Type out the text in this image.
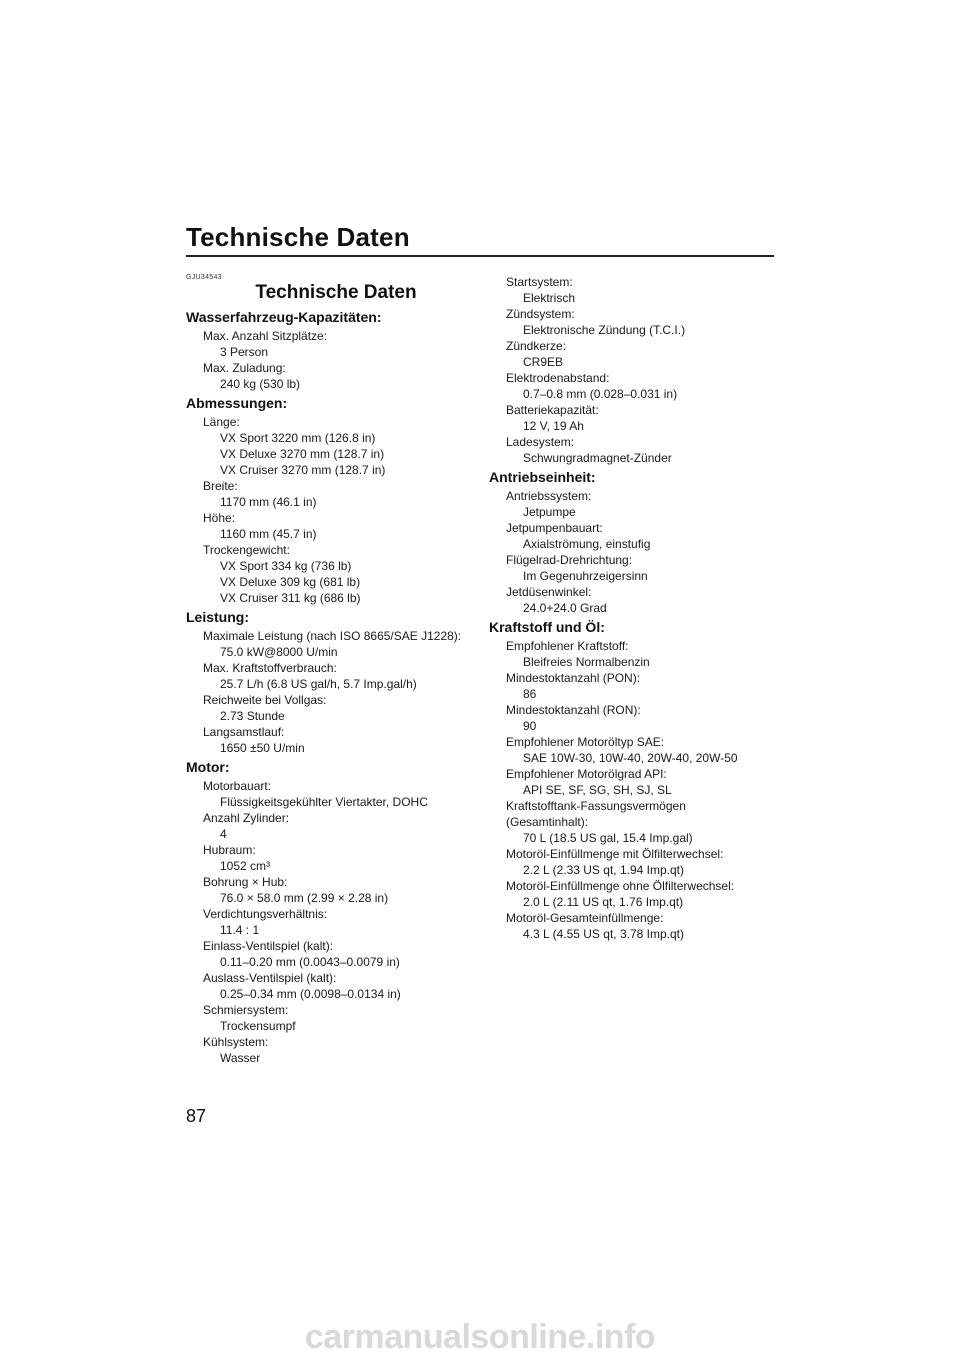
Technische Daten

GJU34543

Technische Daten
Wasserfahrzeug-Kapazitäten:
Max. Anzahl Sitzplätze:
3 Person
Max. Zuladung:
240 kg (530 lb)
Abmessungen:
Länge:
VX Sport 3220 mm (126.8 in)
VX Deluxe 3270 mm (128.7 in)
VX Cruiser 3270 mm (128.7 in)
Breite:
1170 mm (46.1 in)
Höhe:
1160 mm (45.7 in)
Trockengewicht:
VX Sport 334 kg (736 lb)
VX Deluxe 309 kg (681 lb)
VX Cruiser 311 kg (686 lb)
Leistung:
Maximale Leistung (nach ISO 8665/SAE J1228):
75.0 kW@8000 U/min
Max. Kraftstoffverbrauch:
25.7 L/h (6.8 US gal/h, 5.7 Imp.gal/h)
Reichweite bei Vollgas:
2.73 Stunde
Langsamstlauf:
1650 ±50 U/min
Motor:
Motorbauart:
Flüssigkeitsgekühlter Viertakter, DOHC
Anzahl Zylinder:
4
Hubraum:
1052 cm³
Bohrung × Hub:
76.0 × 58.0 mm (2.99 × 2.28 in)
Verdichtungsverhältnis:
11.4 : 1
Einlass-Ventilspiel (kalt):
0.11–0.20 mm (0.0043–0.0079 in)
Auslass-Ventilspiel (kalt):
0.25–0.34 mm (0.0098–0.0134 in)
Schmiersystem:
Trockensumpf
Kühlsystem:
Wasser
Startsystem:
Elektrisch
Zündsystem:
Elektronische Zündung (T.C.I.)
Zündkerze:
CR9EB
Elektrodenabstand:
0.7–0.8 mm (0.028–0.031 in)
Batteriekapazität:
12 V, 19 Ah
Ladesystem:
Schwungradmagnet-Zünder
Antriebseinheit:
Antriebssystem:
Jetpumpe
Jetpumpenbauart:
Axialströmung, einstufig
Flügelrad-Drehrichtung:
Im Gegenuhrzeigersinn
Jetdüsenwinkel:
24.0+24.0 Grad
Kraftstoff und Öl:
Empfohlener Kraftstoff:
Bleifreies Normalbenzin
Mindestoktanzahl (PON):
86
Mindestoktanzahl (RON):
90
Empfohlener Motoröltyp SAE:
SAE 10W-30, 10W-40, 20W-40, 20W-50
Empfohlener Motorölgrad API:
API SE, SF, SG, SH, SJ, SL
Kraftstofftank-Fassungsvermögen
(Gesamtinhalt):
70 L (18.5 US gal, 15.4 Imp.gal)
Motoröl-Einfüllmenge mit Ölfilterwechsel:
2.2 L (2.33 US qt, 1.94 Imp.qt)
Motoröl-Einfüllmenge ohne Ölfilterwechsel:
2.0 L (2.11 US qt, 1.76 Imp.qt)
Motoröl-Gesamteinfüllmenge:
4.3 L (4.55 US qt, 3.78 Imp.qt)
87
carmanualsonline.info
